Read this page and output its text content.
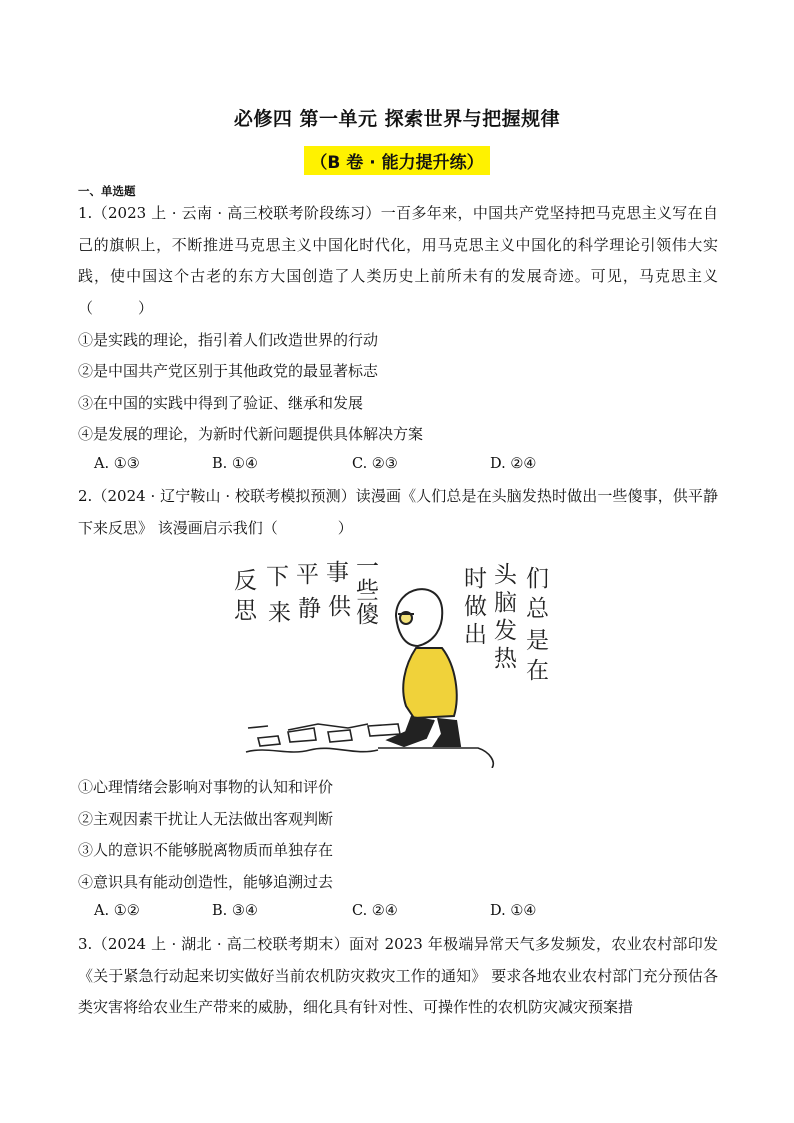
必修四 第一单元 探索世界与把握规律
（B 卷 · 能力提升练）
一、单选题
1.（2023 上 · 云南 · 高三校联考阶段练习）一百多年来，中国共产党坚持把马克思主义写在自己的旗帜上，不断推进马克思主义中国化时代化，用马克思主义中国化的科学理论引领伟大实践，使中国这个古老的东方大国创造了人类历史上前所未有的发展奇迹。可见，马克思主义（　　　）
①是实践的理论，指引着人们改造世界的行动
②是中国共产党区别于其他政党的最显著标志
③在中国的实践中得到了验证、继承和发展
④是发展的理论，为新时代新问题提供具体解决方案
A. ①③	B. ①④	C. ②③	D. ②④
2.（2024 · 辽宁鞍山 · 校联考模拟预测）读漫画《人们总是在头脑发热时做出一些傻事，供平静下来反思》 该漫画启示我们（　　　　）
反
思
下
来
平
静
事
供
一
些
傻
时
做
出
头
脑
发
热
们
总
是
在
①心理情绪会影响对事物的认知和评价
②主观因素干扰让人无法做出客观判断
③人的意识不能够脱离物质而单独存在
④意识具有能动创造性，能够追溯过去
A. ①②	B. ③④	C. ②④	D. ①④
3.（2024 上 · 湖北 · 高二校联考期末）面对 2023 年极端异常天气多发频发，农业农村部印发《关于紧急行动起来切实做好当前农机防灾救灾工作的通知》 要求各地农业农村部门充分预估各类灾害将给农业生产带来的威胁，细化具有针对性、可操作性的农机防灾减灾预案措
